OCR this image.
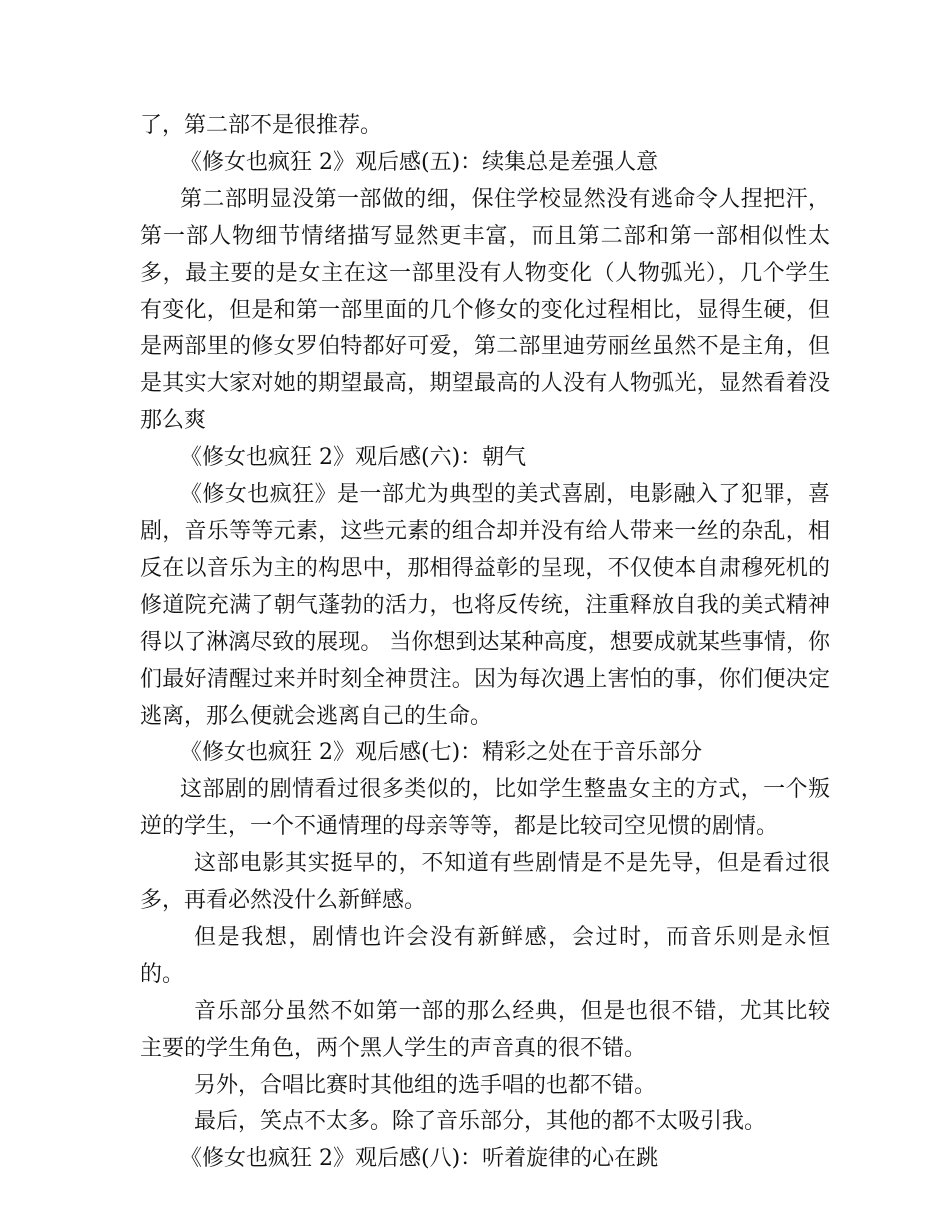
了，第二部不是很推荐。

《修女也疯狂 2》观后感(五)：续集总是差强人意

第二部明显没第一部做的细，保住学校显然没有逃命令人捏把汗，第一部人物细节情绪描写显然更丰富，而且第二部和第一部相似性太多，最主要的是女主在这一部里没有人物变化（人物弧光），几个学生有变化，但是和第一部里面的几个修女的变化过程相比，显得生硬，但是两部里的修女罗伯特都好可爱，第二部里迪劳丽丝虽然不是主角，但是其实大家对她的期望最高，期望最高的人没有人物弧光，显然看着没那么爽

《修女也疯狂 2》观后感(六)：朝气

《修女也疯狂》是一部尤为典型的美式喜剧，电影融入了犯罪，喜剧，音乐等等元素，这些元素的组合却并没有给人带来一丝的杂乱，相反在以音乐为主的构思中，那相得益彰的呈现，不仅使本自肃穆死机的修道院充满了朝气蓬勃的活力，也将反传统，注重释放自我的美式精神得以了淋漓尽致的展现。 当你想到达某种高度，想要成就某些事情，你们最好清醒过来并时刻全神贯注。因为每次遇上害怕的事，你们便决定逃离，那么便就会逃离自己的生命。

《修女也疯狂 2》观后感(七)：精彩之处在于音乐部分

这部剧的剧情看过很多类似的，比如学生整蛊女主的方式，一个叛逆的学生，一个不通情理的母亲等等，都是比较司空见惯的剧情。

这部电影其实挺早的，不知道有些剧情是不是先导，但是看过很多，再看必然没什么新鲜感。

但是我想，剧情也许会没有新鲜感，会过时，而音乐则是永恒的。

音乐部分虽然不如第一部的那么经典，但是也很不错，尤其比较主要的学生角色，两个黑人学生的声音真的很不错。

另外，合唱比赛时其他组的选手唱的也都不错。

最后，笑点不太多。除了音乐部分，其他的都不太吸引我。

《修女也疯狂 2》观后感(八)：听着旋律的心在跳
